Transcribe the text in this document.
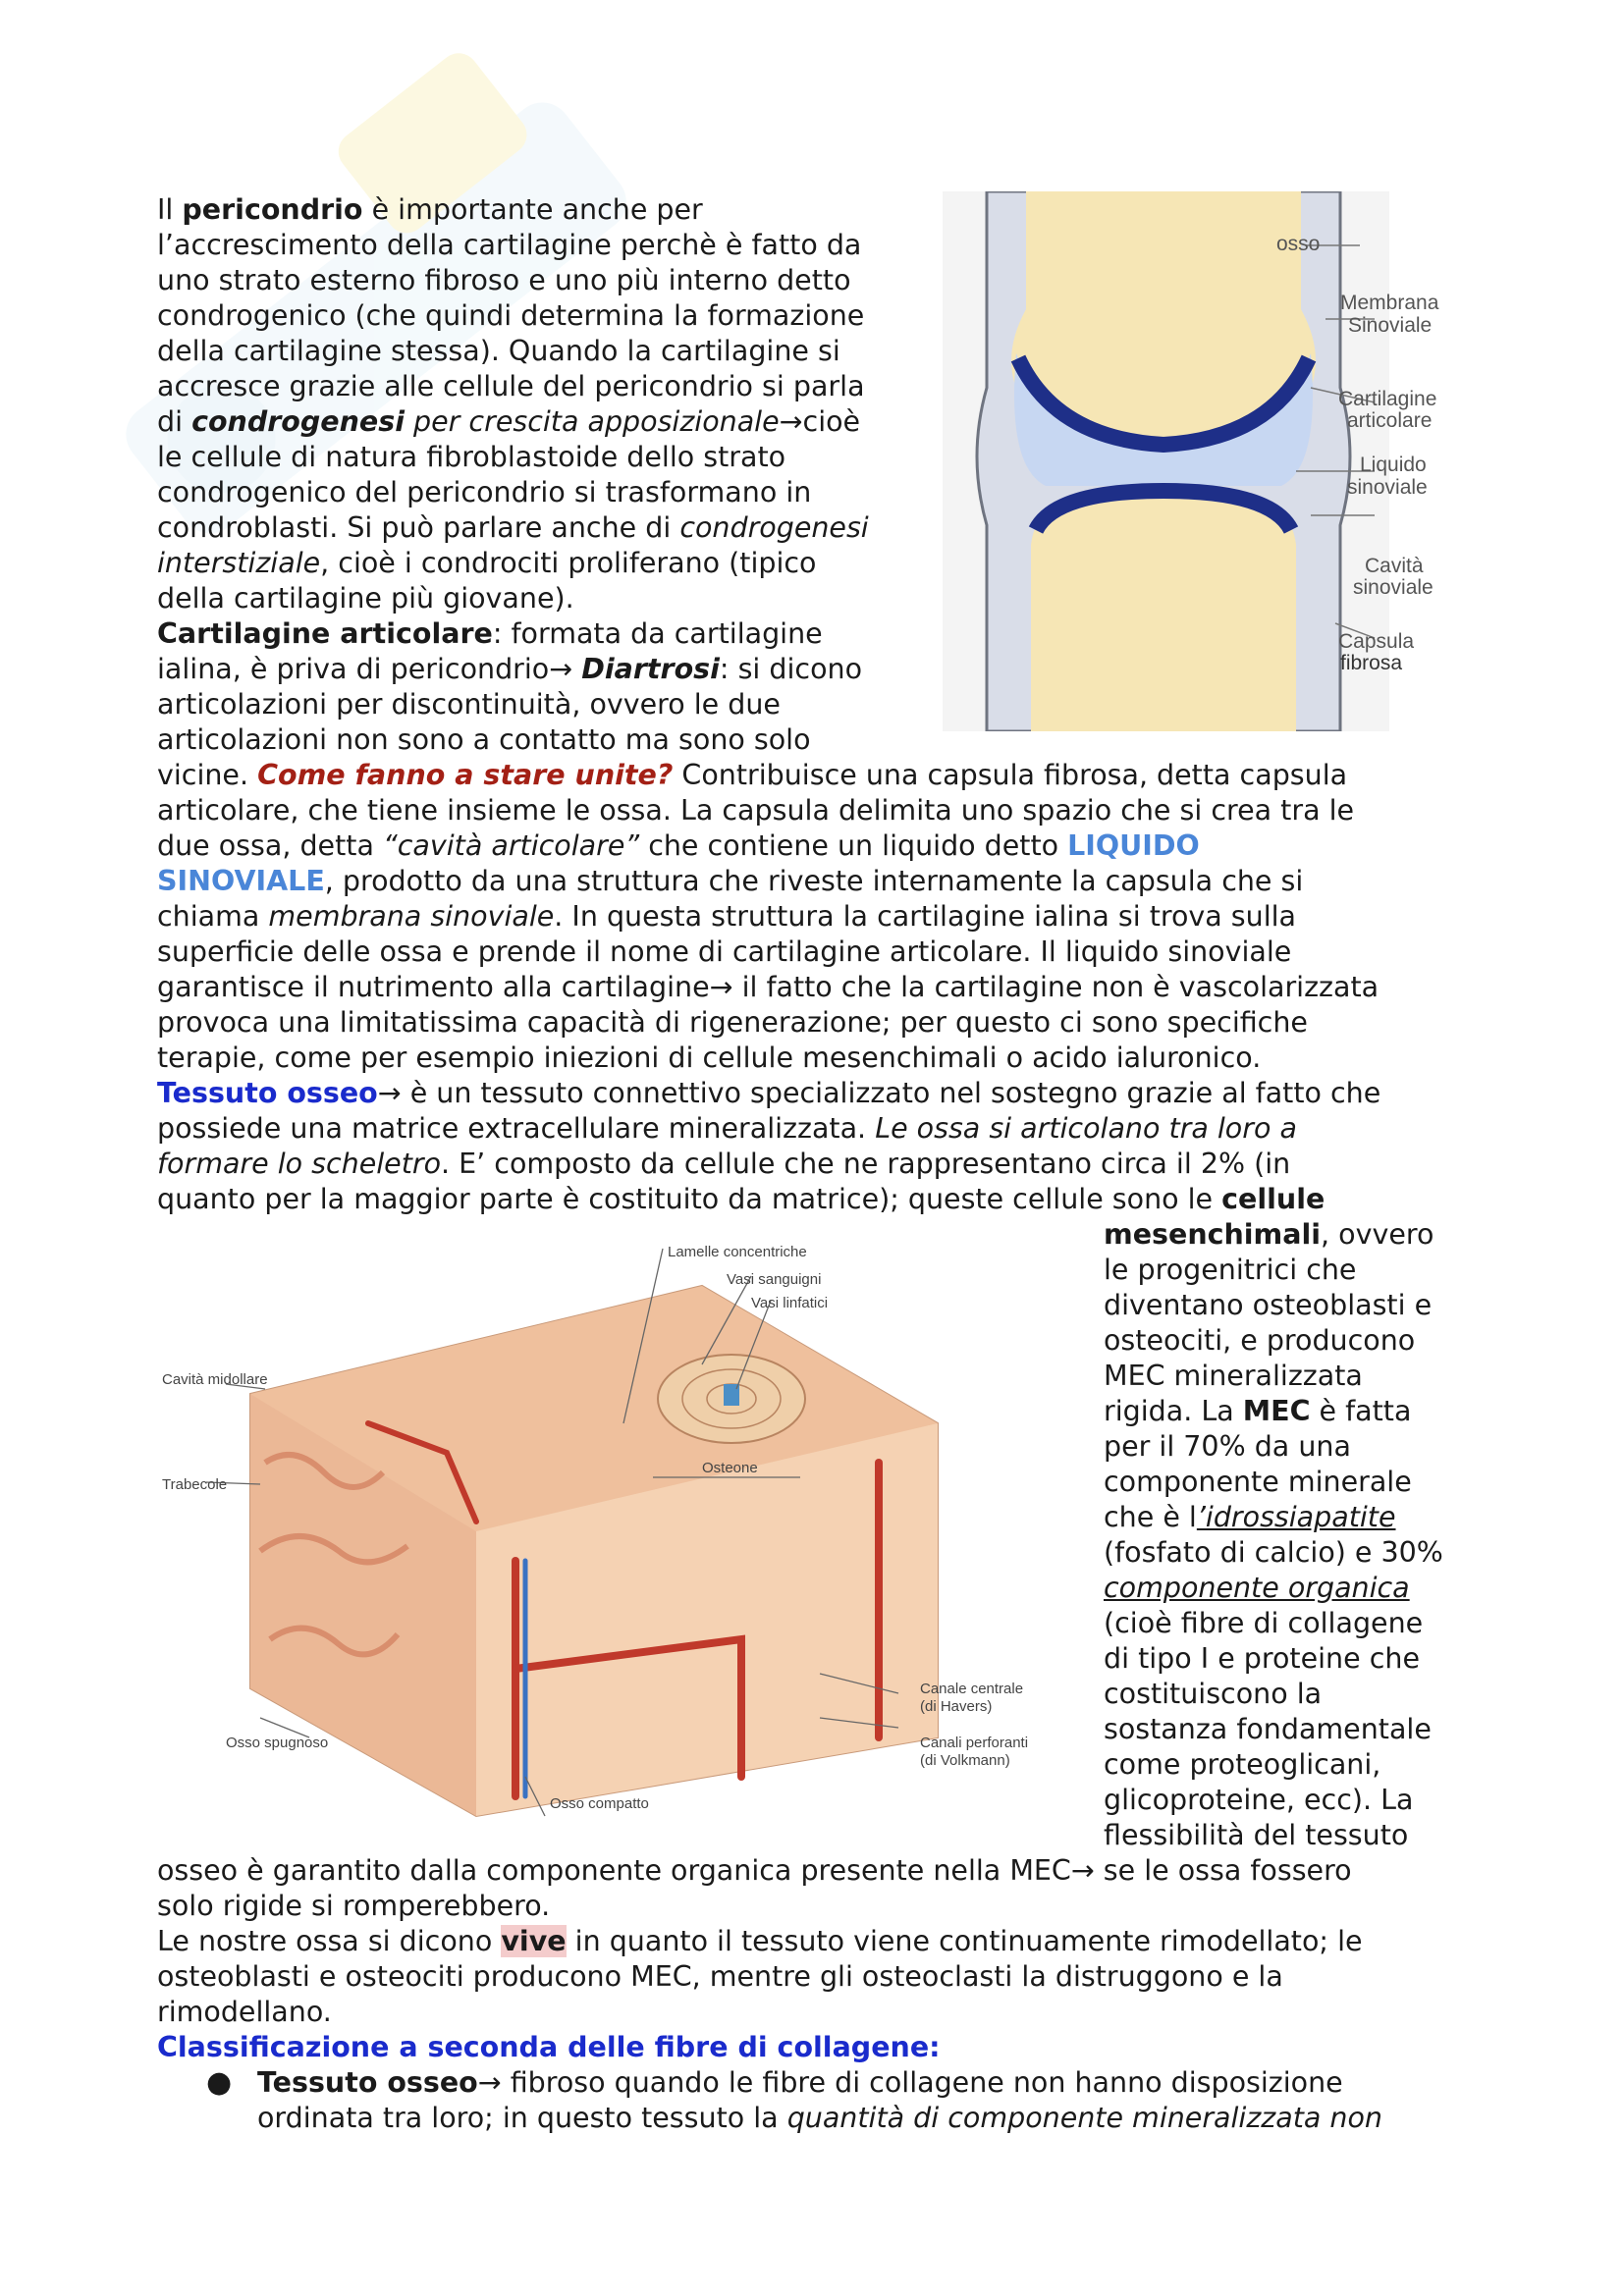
osso
Membrana
Sinoviale
Cartilagine
articolare
Liquido
sinoviale
Cavità
sinoviale
Capsula
fibrosa
Il pericondrio è importante anche per
l’accrescimento della cartilagine perchè è fatto da
uno strato esterno fibroso e uno più interno detto
condrogenico (che quindi determina la formazione
della cartilagine stessa). Quando la cartilagine si
accresce grazie alle cellule del pericondrio si parla
di condrogenesi per crescita apposizionale→cioè
le cellule di natura fibroblastoide dello strato
condrogenico del pericondrio si trasformano in
condroblasti. Si può parlare anche di condrogenesi
interstiziale, cioè i condrociti proliferano (tipico
della cartilagine più giovane).
Cartilagine articolare: formata da cartilagine
ialina, è priva di pericondrio→ Diartrosi: si dicono
articolazioni per discontinuità, ovvero le due
articolazioni non sono a contatto ma sono solo
vicine. Come fanno a stare unite? Contribuisce una capsula fibrosa, detta capsula
articolare, che tiene insieme le ossa. La capsula delimita uno spazio che si crea tra le
due ossa, detta “cavità articolare” che contiene un liquido detto LIQUIDO
SINOVIALE, prodotto da una struttura che riveste internamente la capsula che si
chiama membrana sinoviale. In questa struttura la cartilagine ialina si trova sulla
superficie delle ossa e prende il nome di cartilagine articolare. Il liquido sinoviale
garantisce il nutrimento alla cartilagine→ il fatto che la cartilagine non è vascolarizzata
provoca una limitatissima capacità di rigenerazione; per questo ci sono specifiche
terapie, come per esempio iniezioni di cellule mesenchimali o acido ialuronico.
Tessuto osseo→ è un tessuto connettivo specializzato nel sostegno grazie al fatto che
possiede una matrice extracellulare mineralizzata. Le ossa si articolano tra loro a
formare lo scheletro. E’ composto da cellule che ne rappresentano circa il 2% (in
quanto per la maggior parte è costituito da matrice); queste cellule sono le cellule
Lamelle concentriche
Vasi sanguigni
Vasi linfatici
Cavità midollare
Trabecole
Osteone
Canale centrale
(di Havers)
Canali perforanti
(di Volkmann)
Osso spugnoso
Osso compatto
mesenchimali, ovvero
le progenitrici che
diventano osteoblasti e
osteociti, e producono
MEC mineralizzata
rigida. La MEC è fatta
per il 70% da una
componente minerale
che è l’idrossiapatite
(fosfato di calcio) e 30%
componente organica
(cioè fibre di collagene
di tipo I e proteine che
costituiscono la
sostanza fondamentale
come proteoglicani,
glicoproteine, ecc). La
flessibilità del tessuto
osseo è garantito dalla componente organica presente nella MEC→ se le ossa fossero
solo rigide si romperebbero.
Le nostre ossa si dicono vive in quanto il tessuto viene continuamente rimodellato; le
osteoblasti e osteociti producono MEC, mentre gli osteoclasti la distruggono e la
rimodellano.
Classificazione a seconda delle fibre di collagene:
● Tessuto osseo→ fibroso quando le fibre di collagene non hanno disposizione
ordinata tra loro; in questo tessuto la quantità di componente mineralizzata non
